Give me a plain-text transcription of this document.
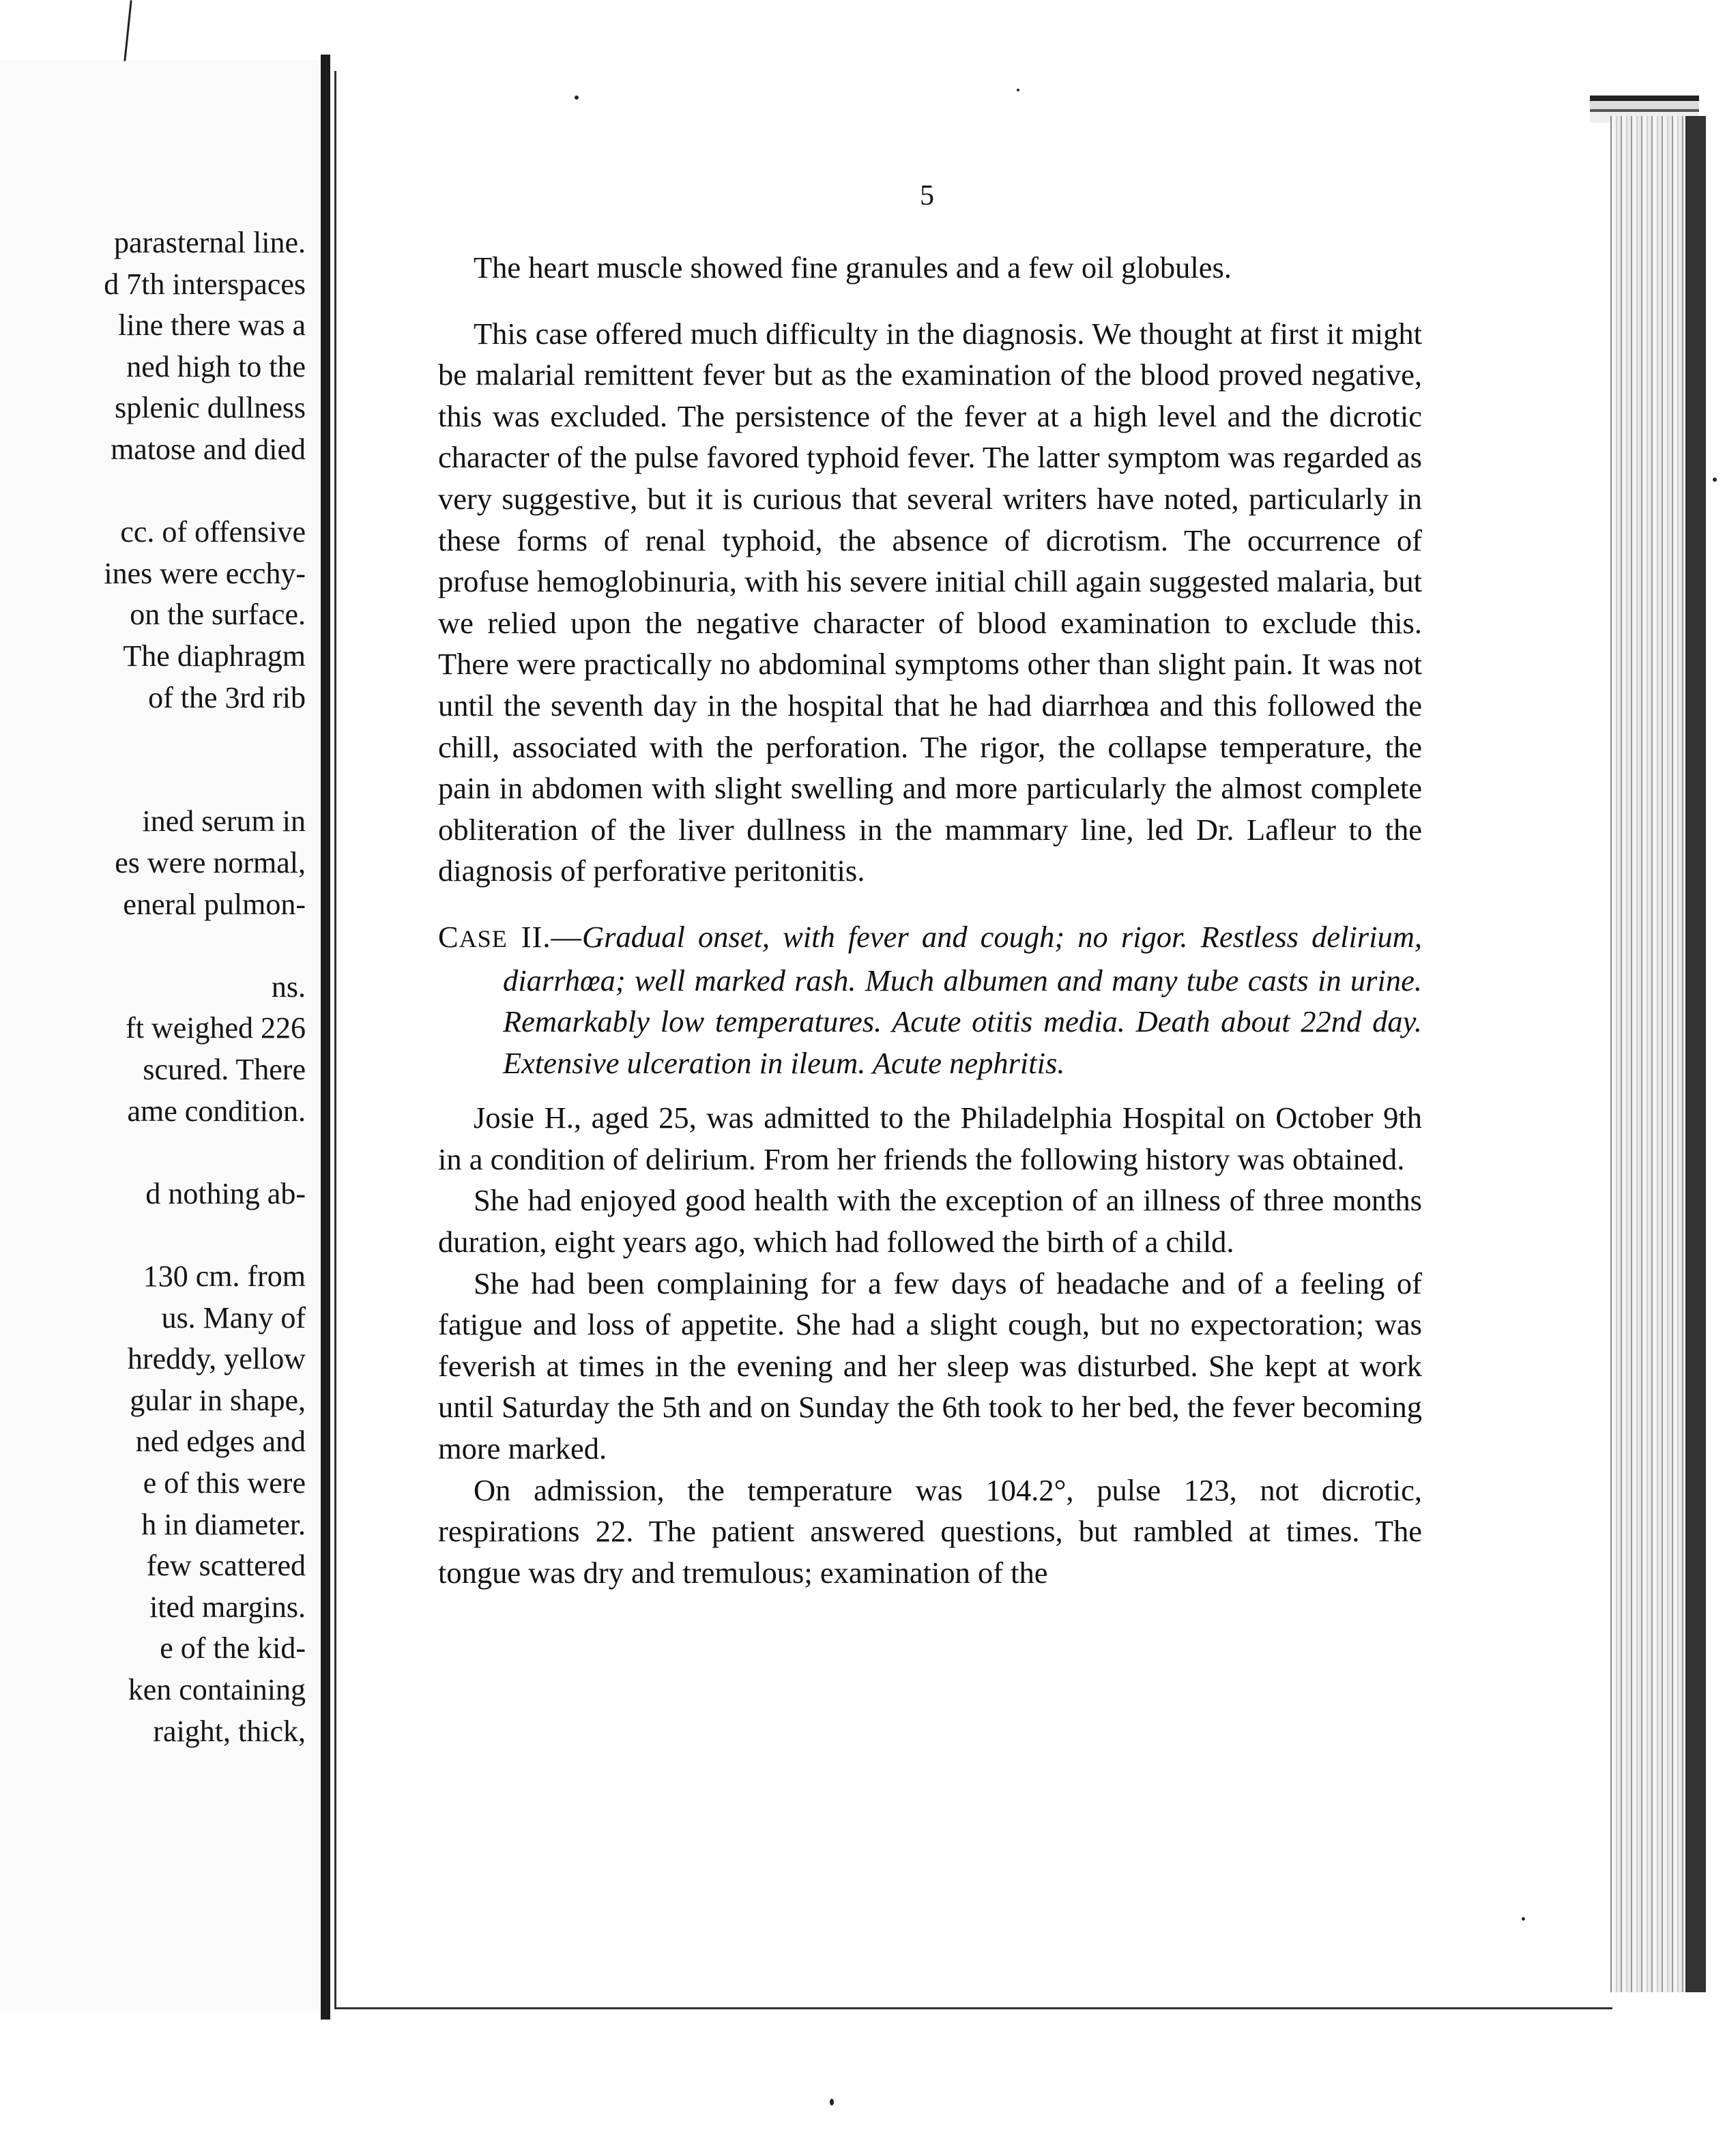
parasternal line.
d 7th interspaces
line there was a
ned high to the
splenic dullness
matose and died
cc. of offensive
ines were ecchy-
on the surface.
The diaphragm
of the 3rd rib
ined serum in
es were normal,
eneral pulmon-
ns.
ft weighed 226
scured. There
ame condition.
d nothing ab-
130 cm. from
us. Many of
hreddy, yellow
gular in shape,
ned edges and
e of this were
h in diameter.
few scattered
ited margins.
e of the kid-
ken containing
raight, thick,
5

The heart muscle showed fine granules and a few oil globules.

This case offered much difficulty in the diagnosis. We thought at first it might be malarial remittent fever but as the examination of the blood proved negative, this was excluded. The persistence of the fever at a high level and the dicrotic character of the pulse favored typhoid fever. The latter symptom was regarded as very suggestive, but it is curious that several writers have noted, particularly in these forms of renal typhoid, the absence of dicrotism. The occurrence of profuse hemoglobinuria, with his severe initial chill again suggested malaria, but we relied upon the negative character of blood examination to exclude this. There were practically no abdominal symptoms other than slight pain. It was not until the seventh day in the hospital that he had diarrhœa and this followed the chill, associated with the perforation. The rigor, the collapse temperature, the pain in abdomen with slight swelling and more particularly the almost complete obliteration of the liver dullness in the mammary line, led Dr. Lafleur to the diagnosis of perforative peritonitis.

CASE II.—Gradual onset, with fever and cough; no rigor. Restless delirium, diarrhœa; well marked rash. Much albumen and many tube casts in urine. Remarkably low temperatures. Acute otitis media. Death about 22nd day. Extensive ulceration in ileum. Acute nephritis.

Josie H., aged 25, was admitted to the Philadelphia Hospital on October 9th in a condition of delirium. From her friends the following history was obtained.

She had enjoyed good health with the exception of an illness of three months duration, eight years ago, which had followed the birth of a child.

She had been complaining for a few days of headache and of a feeling of fatigue and loss of appetite. She had a slight cough, but no expectoration; was feverish at times in the evening and her sleep was disturbed. She kept at work until Saturday the 5th and on Sunday the 6th took to her bed, the fever becoming more marked.

On admission, the temperature was 104.2°, pulse 123, not dicrotic, respirations 22. The patient answered questions, but rambled at times. The tongue was dry and tremulous; examination of the
